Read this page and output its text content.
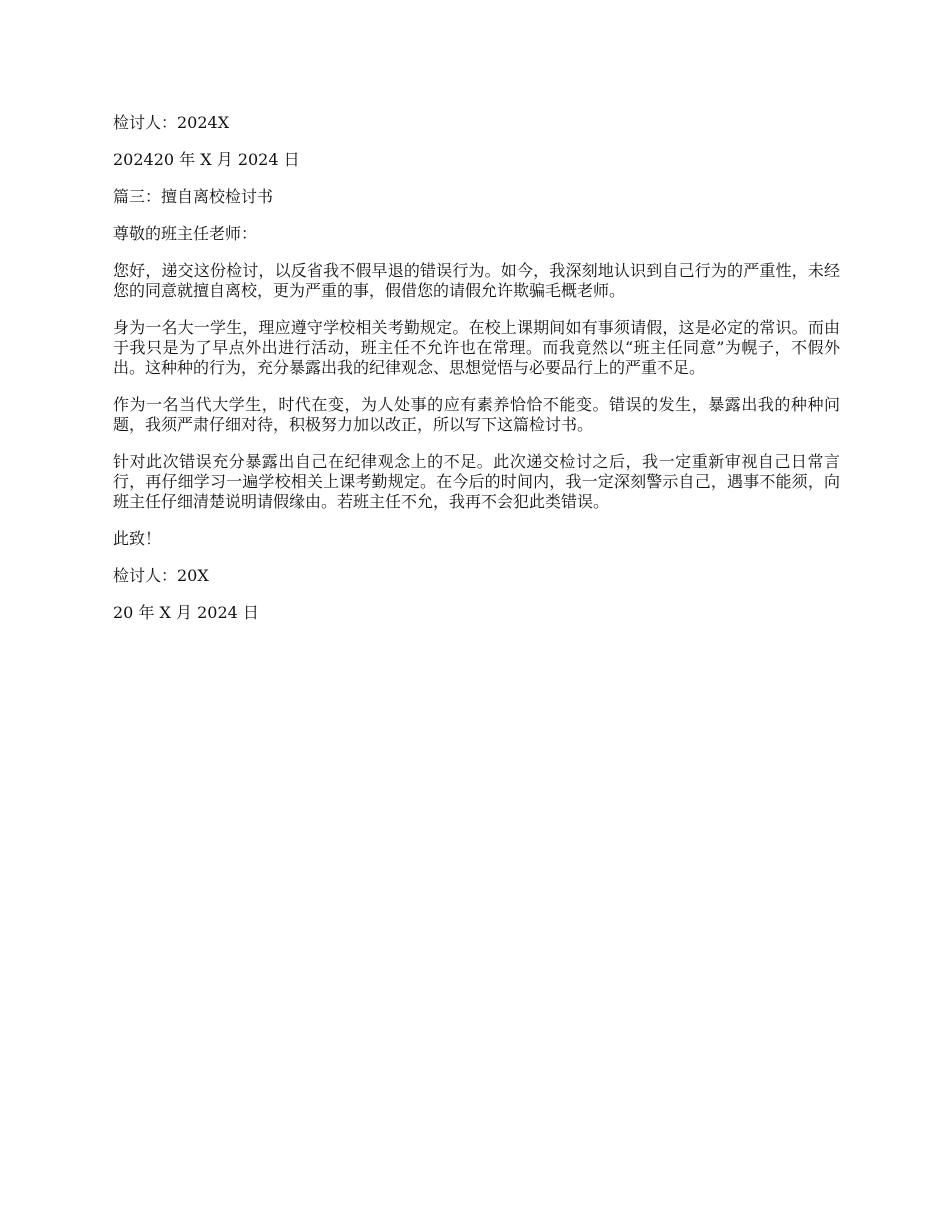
检讨人：2024X

202420 年 X 月 2024 日

篇三：擅自离校检讨书

尊敬的班主任老师：

您好，递交这份检讨，以反省我不假早退的错误行为。如今，我深刻地认识到自己行为的严重性，未经您的同意就擅自离校，更为严重的事，假借您的请假允许欺骗毛概老师。

身为一名大一学生，理应遵守学校相关考勤规定。在校上课期间如有事须请假，这是必定的常识。而由于我只是为了早点外出进行活动，班主任不允许也在常理。而我竟然以“班主任同意”为幌子，不假外出。这种种的行为，充分暴露出我的纪律观念、思想觉悟与必要品行上的严重不足。

作为一名当代大学生，时代在变，为人处事的应有素养恰恰不能变。错误的发生，暴露出我的种种问题，我须严肃仔细对待，积极努力加以改正，所以写下这篇检讨书。

针对此次错误充分暴露出自己在纪律观念上的不足。此次递交检讨之后，我一定重新审视自己日常言行，再仔细学习一遍学校相关上课考勤规定。在今后的时间内，我一定深刻警示自己，遇事不能须，向班主任仔细清楚说明请假缘由。若班主任不允，我再不会犯此类错误。

此致！

检讨人：20X

20 年 X 月 2024 日
